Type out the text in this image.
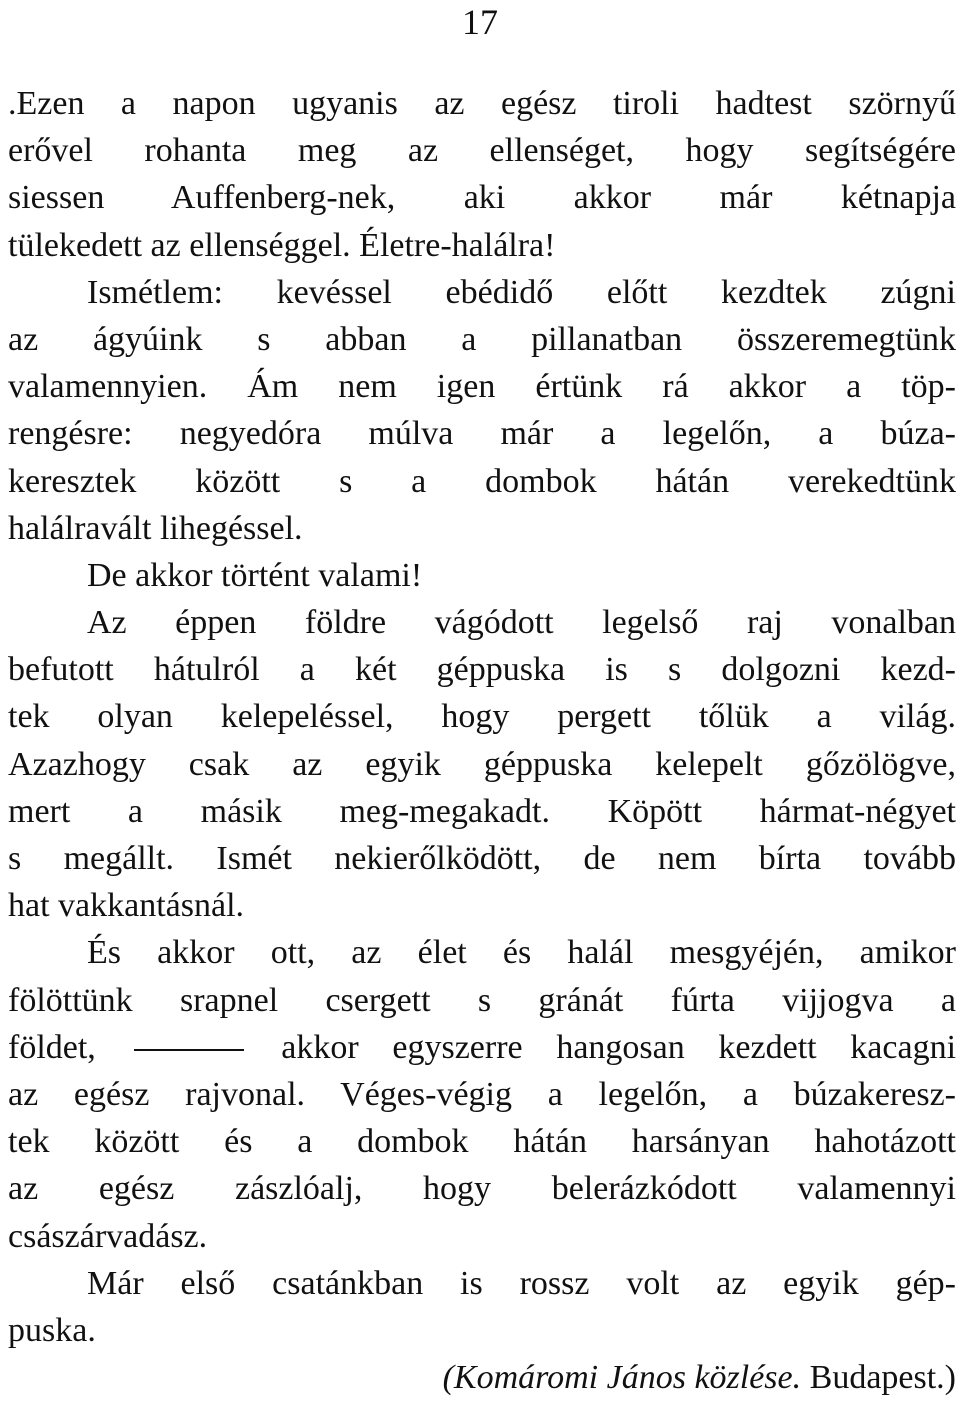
17
.Ezen a napon ugyanis az egész tiroli hadtest szörnyű
erővel rohanta meg az ellenséget, hogy segítségére
siessen Auffenberg-nek, aki akkor már kétnapja
tülekedett az ellenséggel. Életre-halálra!
Ismétlem: kevéssel ebédidő előtt kezdtek zúgni
az ágyúink s abban a pillanatban összeremegtünk
valamennyien. Ám nem igen értünk rá akkor a töp-
rengésre: negyedóra múlva már a legelőn, a búza-
keresztek között s a dombok hátán verekedtünk
halálravált lihegéssel.
De akkor történt valami!
Az éppen földre vágódott legelső raj vonalban
befutott hátulról a két géppuska is s dolgozni kezd-
tek olyan kelepeléssel, hogy pergett tőlük a világ.
Azazhogy csak az egyik géppuska kelepelt gőzölögve,
mert a másik meg-megakadt. Köpött hármat-négyet
s megállt. Ismét nekierőlködött, de nem bírta tovább
hat vakkantásnál.
És akkor ott, az élet és halál mesgyéjén, amikor
fölöttünk srapnel csergett s gránát fúrta vijjogva a
földet,	akkor egyszerre hangosan kezdett kacagni
az egész rajvonal. Véges-végig a legelőn, a búzakeresz-
tek között és a dombok hátán harsányan hahotázott
az egész zászlóalj, hogy belerázkódott valamennyi
császárvadász.
Már első csatánkban is rossz volt az egyik gép-
puska.
(Komáromi János közlése. Budapest.)
